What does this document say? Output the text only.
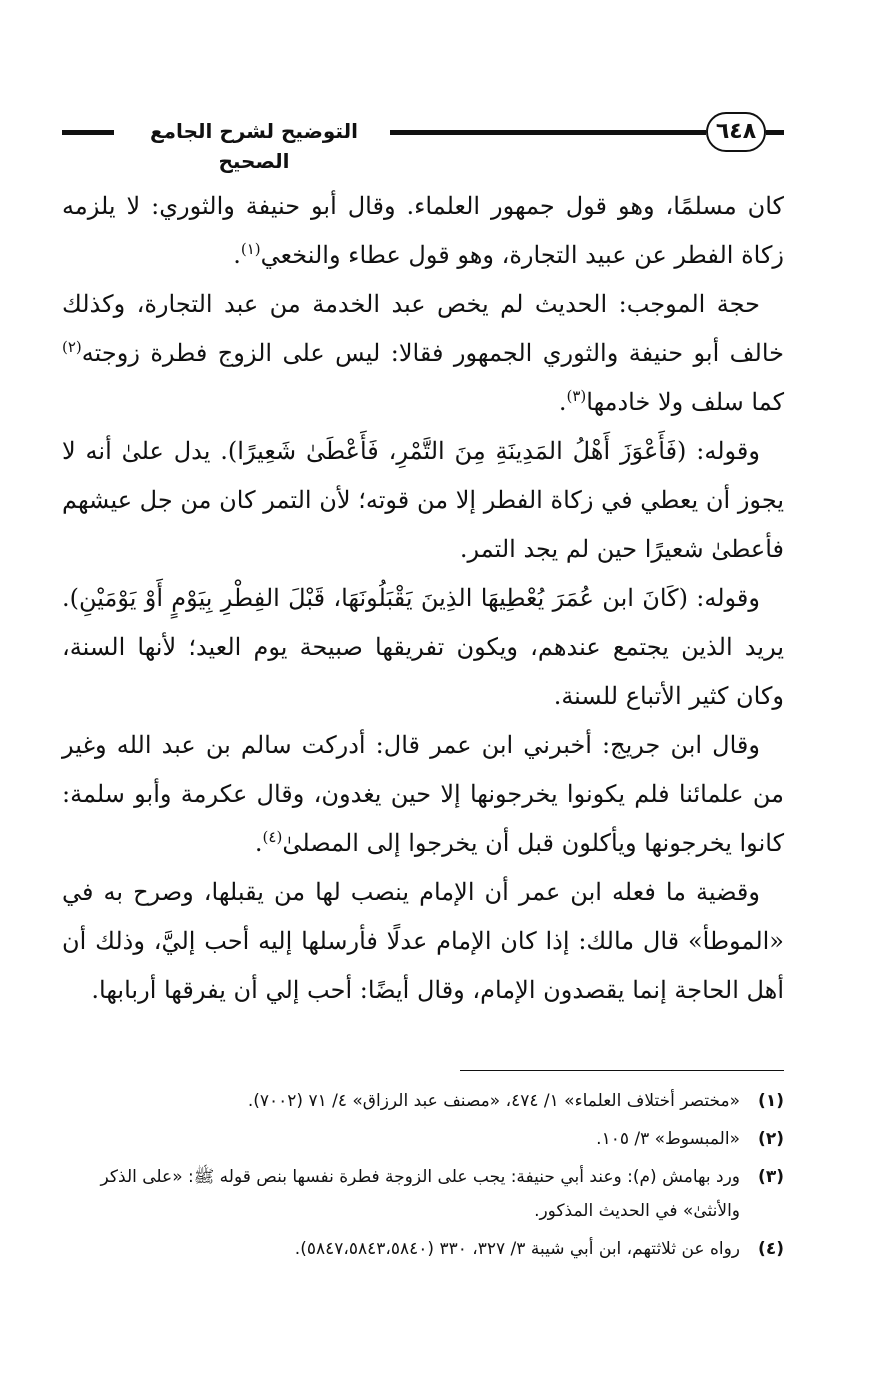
التوضيح لشرح الجامع الصحيح
٦٤٨

كان مسلمًا، وهو قول جمهور العلماء. وقال أبو حنيفة والثوري: لا يلزمه زكاة الفطر عن عبيد التجارة، وهو قول عطاء والنخعي$^{(١)}$.

حجة الموجب: الحديث لم يخص عبد الخدمة من عبد التجارة، وكذلك خالف أبو حنيفة والثوري الجمهور فقالا: ليس على الزوج فطرة زوجته$^{(٢)}$ كما سلف ولا خادمها$^{(٣)}$.

وقوله: (فَأَعْوَزَ أَهْلُ المَدِينَةِ مِنَ التَّمْرِ، فَأَعْطَىٰ شَعِيرًا). يدل علىٰ أنه لا يجوز أن يعطي في زكاة الفطر إلا من قوته؛ لأن التمر كان من جل عيشهم فأعطىٰ شعيرًا حين لم يجد التمر.

وقوله: (كَانَ ابن عُمَرَ يُعْطِيهَا الذِينَ يَقْبَلُونَهَا، قَبْلَ الفِطْرِ بِيَوْمٍ أَوْ يَوْمَيْنِ). يريد الذين يجتمع عندهم، ويكون تفريقها صبيحة يوم العيد؛ لأنها السنة، وكان كثير الأتباع للسنة.

وقال ابن جريج: أخبرني ابن عمر قال: أدركت سالم بن عبد الله وغير من علمائنا فلم يكونوا يخرجونها إلا حين يغدون، وقال عكرمة وأبو سلمة: كانوا يخرجونها ويأكلون قبل أن يخرجوا إلى المصلىٰ$^{(٤)}$.

وقضية ما فعله ابن عمر أن الإمام ينصب لها من يقبلها، وصرح به في «الموطأ» قال مالك: إذا كان الإمام عدلًا فأرسلها إليه أحب إليَّ، وذلك أن أهل الحاجة إنما يقصدون الإمام، وقال أيضًا: أحب إلي أن يفرقها أربابها.

(١)
«مختصر أختلاف العلماء» ١/ ٤٧٤، «مصنف عبد الرزاق» ٤/ ٧١ (٧٠٠٢).
(٢)
«المبسوط» ٣/ ١٠٥.
(٣)
ورد بهامش (م): وعند أبي حنيفة: يجب على الزوجة فطرة نفسها بنص قوله ﷺ: «على الذكر والأنثىٰ» في الحديث المذكور.
(٤)
رواه عن ثلاثتهم، ابن أبي شيبة ٣/ ٣٢٧، ٣٣٠ (٥٨٤٧،٥٨٤٣،٥٨٤٠).
